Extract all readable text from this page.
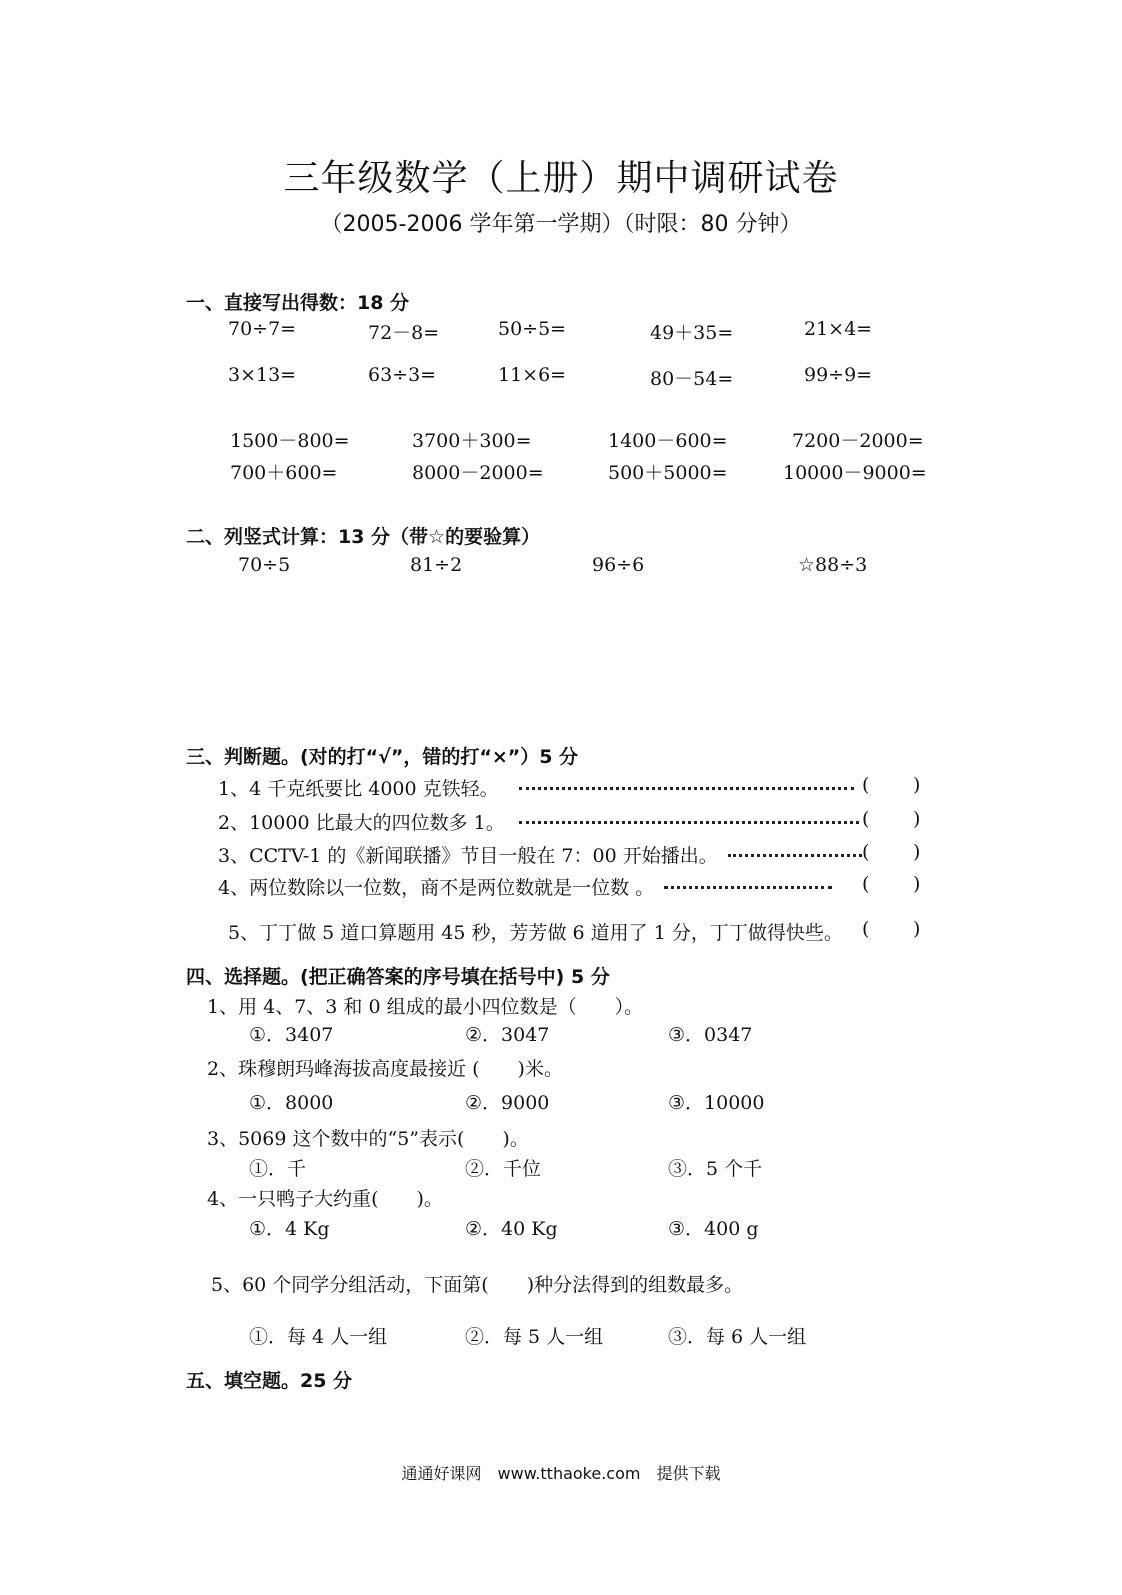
三年级数学（上册）期中调研试卷
（2005-2006 学年第一学期）（时限：80 分钟）
一、直接写出得数：18 分
70÷7=	72－8=	50÷5=	49＋35=	21×4=
3×13=	63÷3=	11×6=	80－54=	99÷9=
1500－800=	3700＋300=	1400－600=	7200－2000=
700＋600=	8000－2000=	500＋5000=	10000－9000=
二、列竖式计算：13 分（带☆的要验算）
70÷5	81÷2	96÷6	☆88÷3
三、判断题。(对的打“√”，错的打“×”）5 分
1、4 千克纸要比 4000 克铁轻。	( )
2、10000 比最大的四位数多 1。	( )
3、CCTV-1 的《新闻联播》节目一般在 7：00 开始播出。	( )
4、两位数除以一位数，商不是两位数就是一位数 。	( )
5、丁丁做 5 道口算题用 45 秒，芳芳做 6 道用了 1 分，丁丁做得快些。 ( )
四、选择题。(把正确答案的序号填在括号中) 5 分
1、用 4、7、3 和 0 组成的最小四位数是（　　）。
①．3407	②．3047	③．0347
2、珠穆朗玛峰海拔高度最接近 (　　)米。
①．8000	②．9000	③．10000
3、5069 这个数中的“5”表示(　　)。
①．千	②．千位	③．5 个千
4、一只鸭子大约重(　　)。
①．4 Kg	②．40 Kg	③．400 g
5、60 个同学分组活动，下面第(　　)种分法得到的组数最多。
①．每 4 人一组	②．每 5 人一组	③．每 6 人一组
五、填空题。25 分
通通好课网　www.tthaoke.com　提供下载
